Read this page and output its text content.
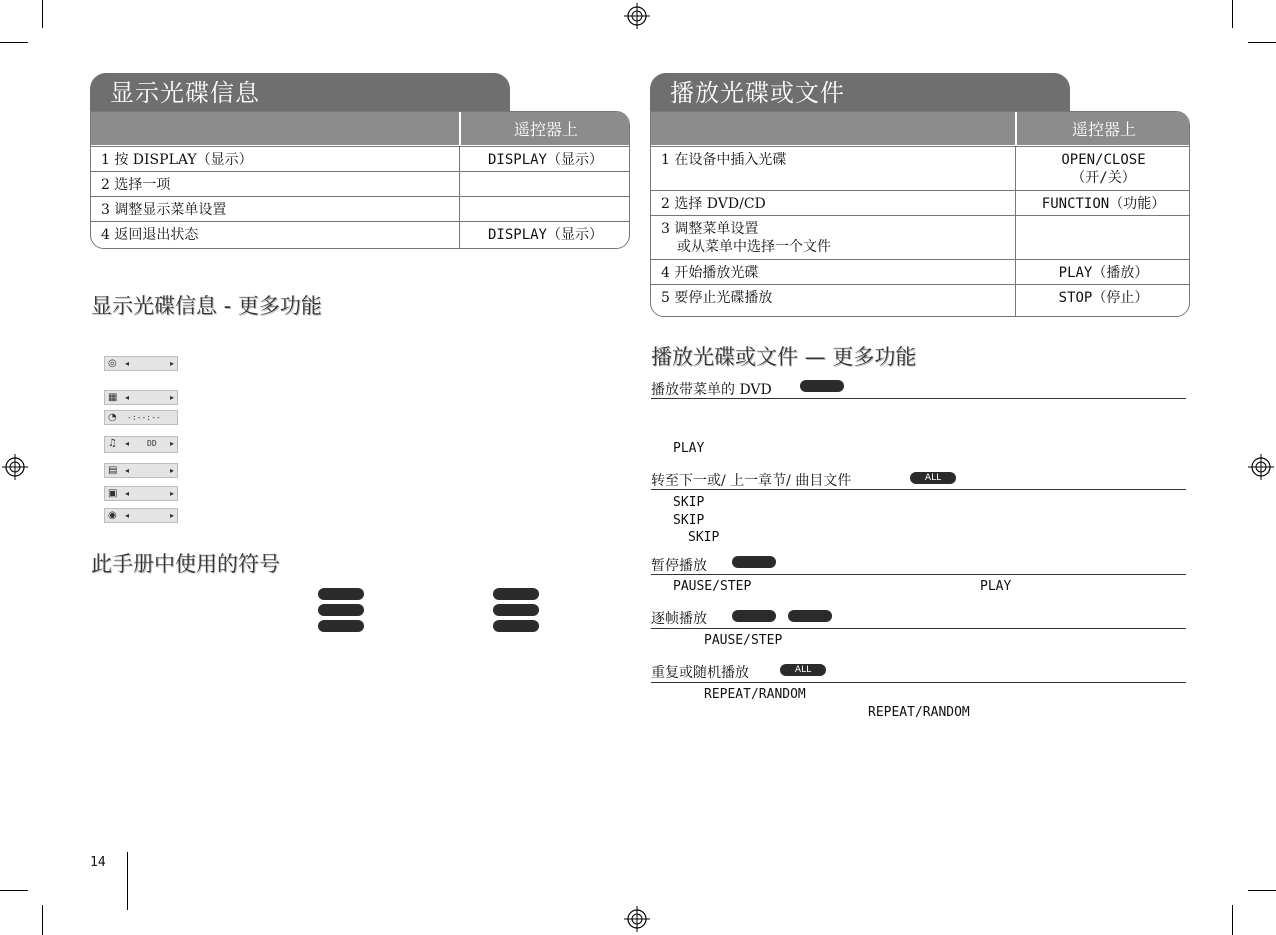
显示光碟信息
遥控器上
1 按 DISPLAY（显示）	DISPLAY（显示）
2 选择一项
3 调整显示菜单设置
4 返回退出状态	DISPLAY（显示）
显示光碟信息 - 更多功能
◎ ◂	▸
▦ ◂	▸
◔ -:--:--
♫ ◂ DD ▸
▤ ◂	▸
▣ ◂	▸
◉ ◂	▸
此手册中使用的符号
14
播放光碟或文件
遥控器上
1 在设备中插入光碟	OPEN/CLOSE
（开/关）
2 选择 DVD/CD	FUNCTION（功能）
3 调整菜单设置
或从菜单中选择一个文件
4 开始播放光碟	PLAY（播放）
5 要停止光碟播放	STOP（停止）
播放光碟或文件 — 更多功能
播放带菜单的 DVD
PLAY
转至下一或/ 上一章节/ 曲目文件	ALL
SKIP
SKIP
SKIP
暂停播放
PAUSE/STEP	PLAY
逐帧播放
PAUSE/STEP
重复或随机播放	ALL
REPEAT/RANDOM
REPEAT/RANDOM
